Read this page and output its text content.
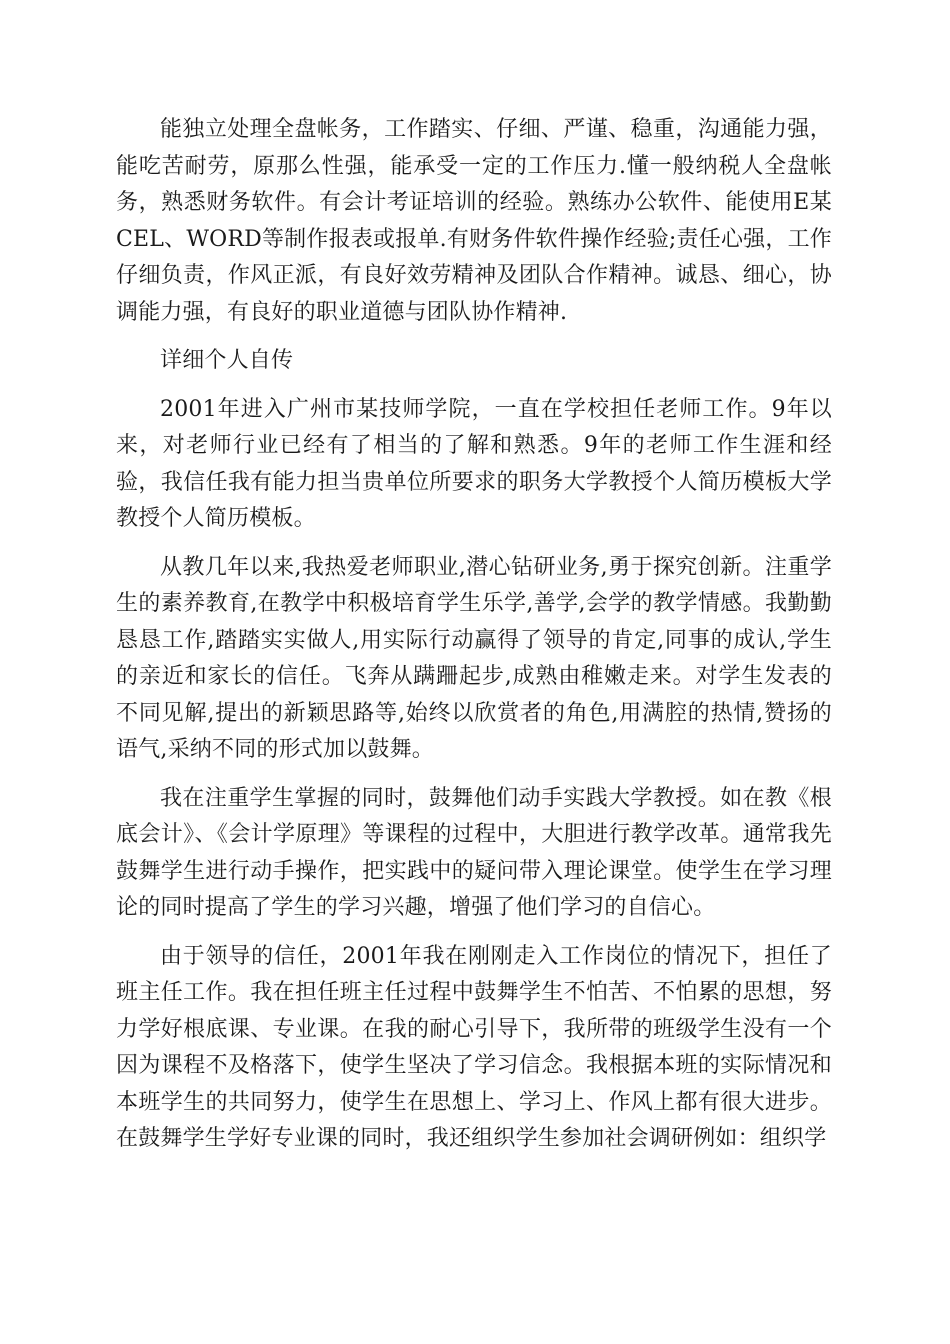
能独立处理全盘帐务，工作踏实、仔细、严谨、稳重，沟通能力强，能吃苦耐劳，原那么性强，能承受一定的工作压力.懂一般纳税人全盘帐务，熟悉财务软件。有会计考证培训的经验。熟练办公软件、能使用E某CEL、WORD等制作报表或报单.有财务件软件操作经验;责任心强，工作仔细负责，作风正派，有良好效劳精神及团队合作精神。诚恳、细心，协调能力强，有良好的职业道德与团队协作精神.

详细个人自传

2001年进入广州市某技师学院，一直在学校担任老师工作。9年以来，对老师行业已经有了相当的了解和熟悉。9年的老师工作生涯和经验，我信任我有能力担当贵单位所要求的职务大学教授个人简历模板大学教授个人简历模板。

从教几年以来,我热爱老师职业,潜心钻研业务,勇于探究创新。注重学生的素养教育,在教学中积极培育学生乐学,善学,会学的教学情感。我勤勤恳恳工作,踏踏实实做人,用实际行动赢得了领导的肯定,同事的成认,学生的亲近和家长的信任。飞奔从蹒跚起步,成熟由稚嫩走来。对学生发表的不同见解,提出的新颖思路等,始终以欣赏者的角色,用满腔的热情,赞扬的语气,采纳不同的形式加以鼓舞。

我在注重学生掌握的同时，鼓舞他们动手实践大学教授。如在教《根底会计》、《会计学原理》等课程的过程中，大胆进行教学改革。通常我先鼓舞学生进行动手操作，把实践中的疑问带入理论课堂。使学生在学习理论的同时提高了学生的学习兴趣，增强了他们学习的自信心。

由于领导的信任，2001年我在刚刚走入工作岗位的情况下，担任了班主任工作。我在担任班主任过程中鼓舞学生不怕苦、不怕累的思想，努力学好根底课、专业课。在我的耐心引导下，我所带的班级学生没有一个因为课程不及格落下，使学生坚决了学习信念。我根据本班的实际情况和本班学生的共同努力，使学生在思想上、学习上、作风上都有很大进步。在鼓舞学生学好专业课的同时，我还组织学生参加社会调研例如：组织学
